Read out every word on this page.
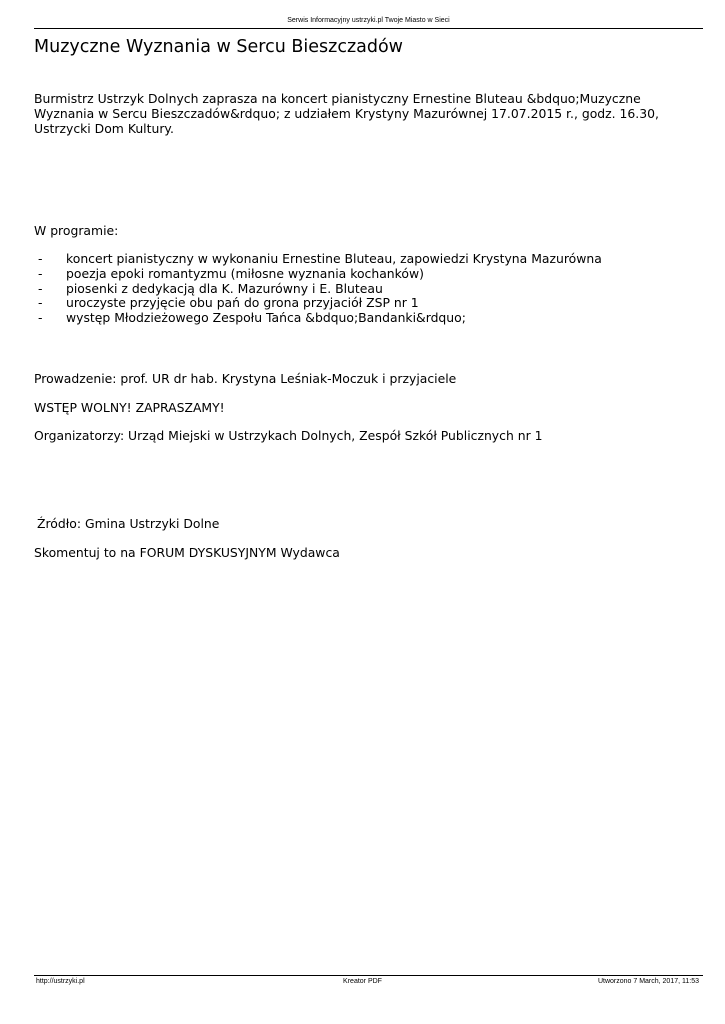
Serwis Informacyjny ustrzyki.pl Twoje Miasto w Sieci
Muzyczne Wyznania w Sercu Bieszczadów

Burmistrz Ustrzyk Dolnych zaprasza na koncert pianistyczny Ernestine Bluteau &bdquo;Muzyczne Wyznania w Sercu Bieszczadów&rdquo; z udziałem Krystyny Mazurównej 17.07.2015 r., godz. 16.30, Ustrzycki Dom Kultury.

W programie:

- koncert pianistyczny w wykonaniu Ernestine Bluteau, zapowiedzi Krystyna Mazurówna
- poezja epoki romantyzmu (miłosne wyznania kochanków)
- piosenki z dedykacją dla K. Mazurówny i E. Bluteau
- uroczyste przyjęcie obu pań do grona przyjaciół ZSP nr 1
- występ Młodzieżowego Zespołu Tańca &bdquo;Bandanki&rdquo;

Prowadzenie: prof. UR dr hab. Krystyna Leśniak-Moczuk i przyjaciele

WSTĘP WOLNY! ZAPRASZAMY!

Organizatorzy: Urząd Miejski w Ustrzykach Dolnych, Zespół Szkół Publicznych nr 1

Źródło: Gmina Ustrzyki Dolne

Skomentuj to na FORUM DYSKUSYJNYM Wydawca

http://ustrzyki.pl	Kreator PDF	Utworzono 7 March, 2017, 11:53
